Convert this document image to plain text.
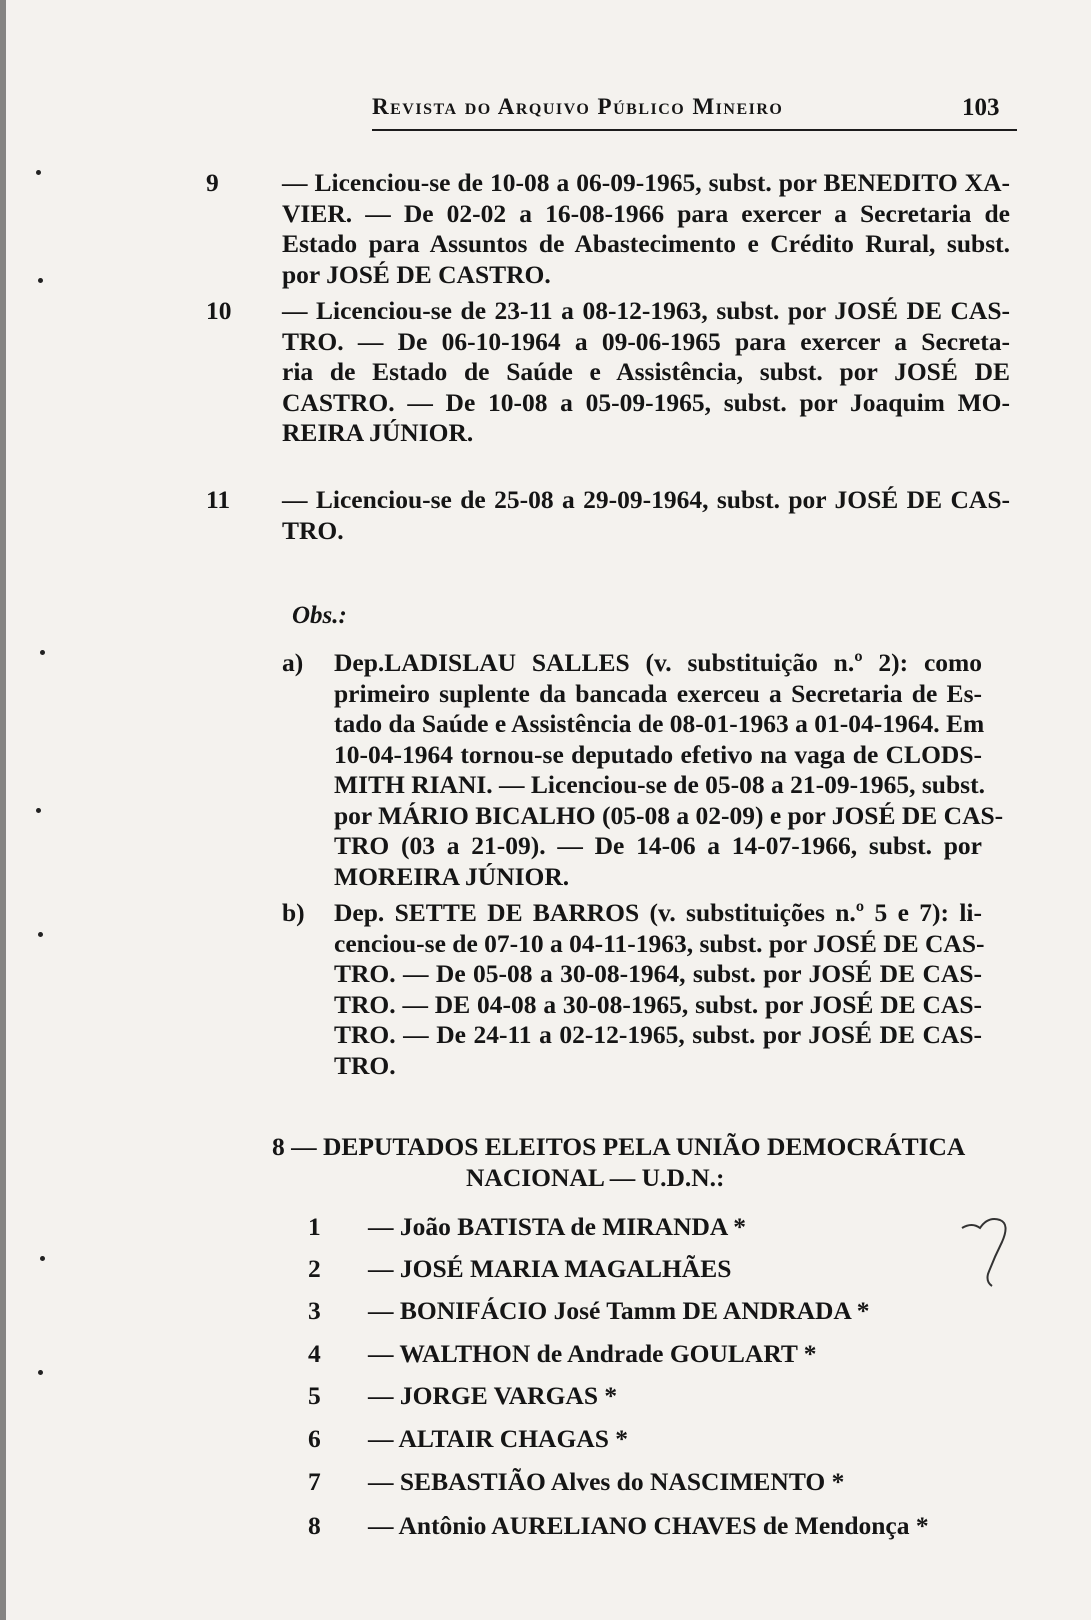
Revista do Arquivo Público Mineiro	103
9 — Licenciou-se de 10-08 a 06-09-1965, subst. por BENEDITO XA-
VIER. — De 02-02 a 16-08-1966 para exercer a Secretaria de
Estado para Assuntos de Abastecimento e Crédito Rural, subst.
por JOSÉ DE CASTRO.
10 — Licenciou-se de 23-11 a 08-12-1963, subst. por JOSÉ DE CAS-
TRO. — De 06-10-1964 a 09-06-1965 para exercer a Secreta-
ria de Estado de Saúde e Assistência, subst. por JOSÉ DE
CASTRO. — De 10-08 a 05-09-1965, subst. por Joaquim MO-
REIRA JÚNIOR.
11 — Licenciou-se de 25-08 a 29-09-1964, subst. por JOSÉ DE CAS-
TRO.
Obs.:
a) Dep.LADISLAU SALLES (v. substituição n.º 2): como
primeiro suplente da bancada exerceu a Secretaria de Es-
tado da Saúde e Assistência de 08-01-1963 a 01-04-1964. Em
10-04-1964 tornou-se deputado efetivo na vaga de CLODS-
MITH RIANI. — Licenciou-se de 05-08 a 21-09-1965, subst.
por MÁRIO BICALHO (05-08 a 02-09) e por JOSÉ DE CAS-
TRO (03 a 21-09). — De 14-06 a 14-07-1966, subst. por
MOREIRA JÚNIOR.
b) Dep. SETTE DE BARROS (v. substituições n.º 5 e 7): li-
cenciou-se de 07-10 a 04-11-1963, subst. por JOSÉ DE CAS-
TRO. — De 05-08 a 30-08-1964, subst. por JOSÉ DE CAS-
TRO. — DE 04-08 a 30-08-1965, subst. por JOSÉ DE CAS-
TRO. — De 24-11 a 02-12-1965, subst. por JOSÉ DE CAS-
TRO.
8 — DEPUTADOS ELEITOS PELA UNIÃO DEMOCRÁTICA
NACIONAL — U.D.N.:
1 — João BATISTA de MIRANDA *
2 — JOSÉ MARIA MAGALHÃES
3 — BONIFÁCIO José Tamm DE ANDRADA *
4 — WALTHON de Andrade GOULART *
5 — JORGE VARGAS *
6 — ALTAIR CHAGAS *
7 — SEBASTIÃO Alves do NASCIMENTO *
8 — Antônio AURELIANO CHAVES de Mendonça *
